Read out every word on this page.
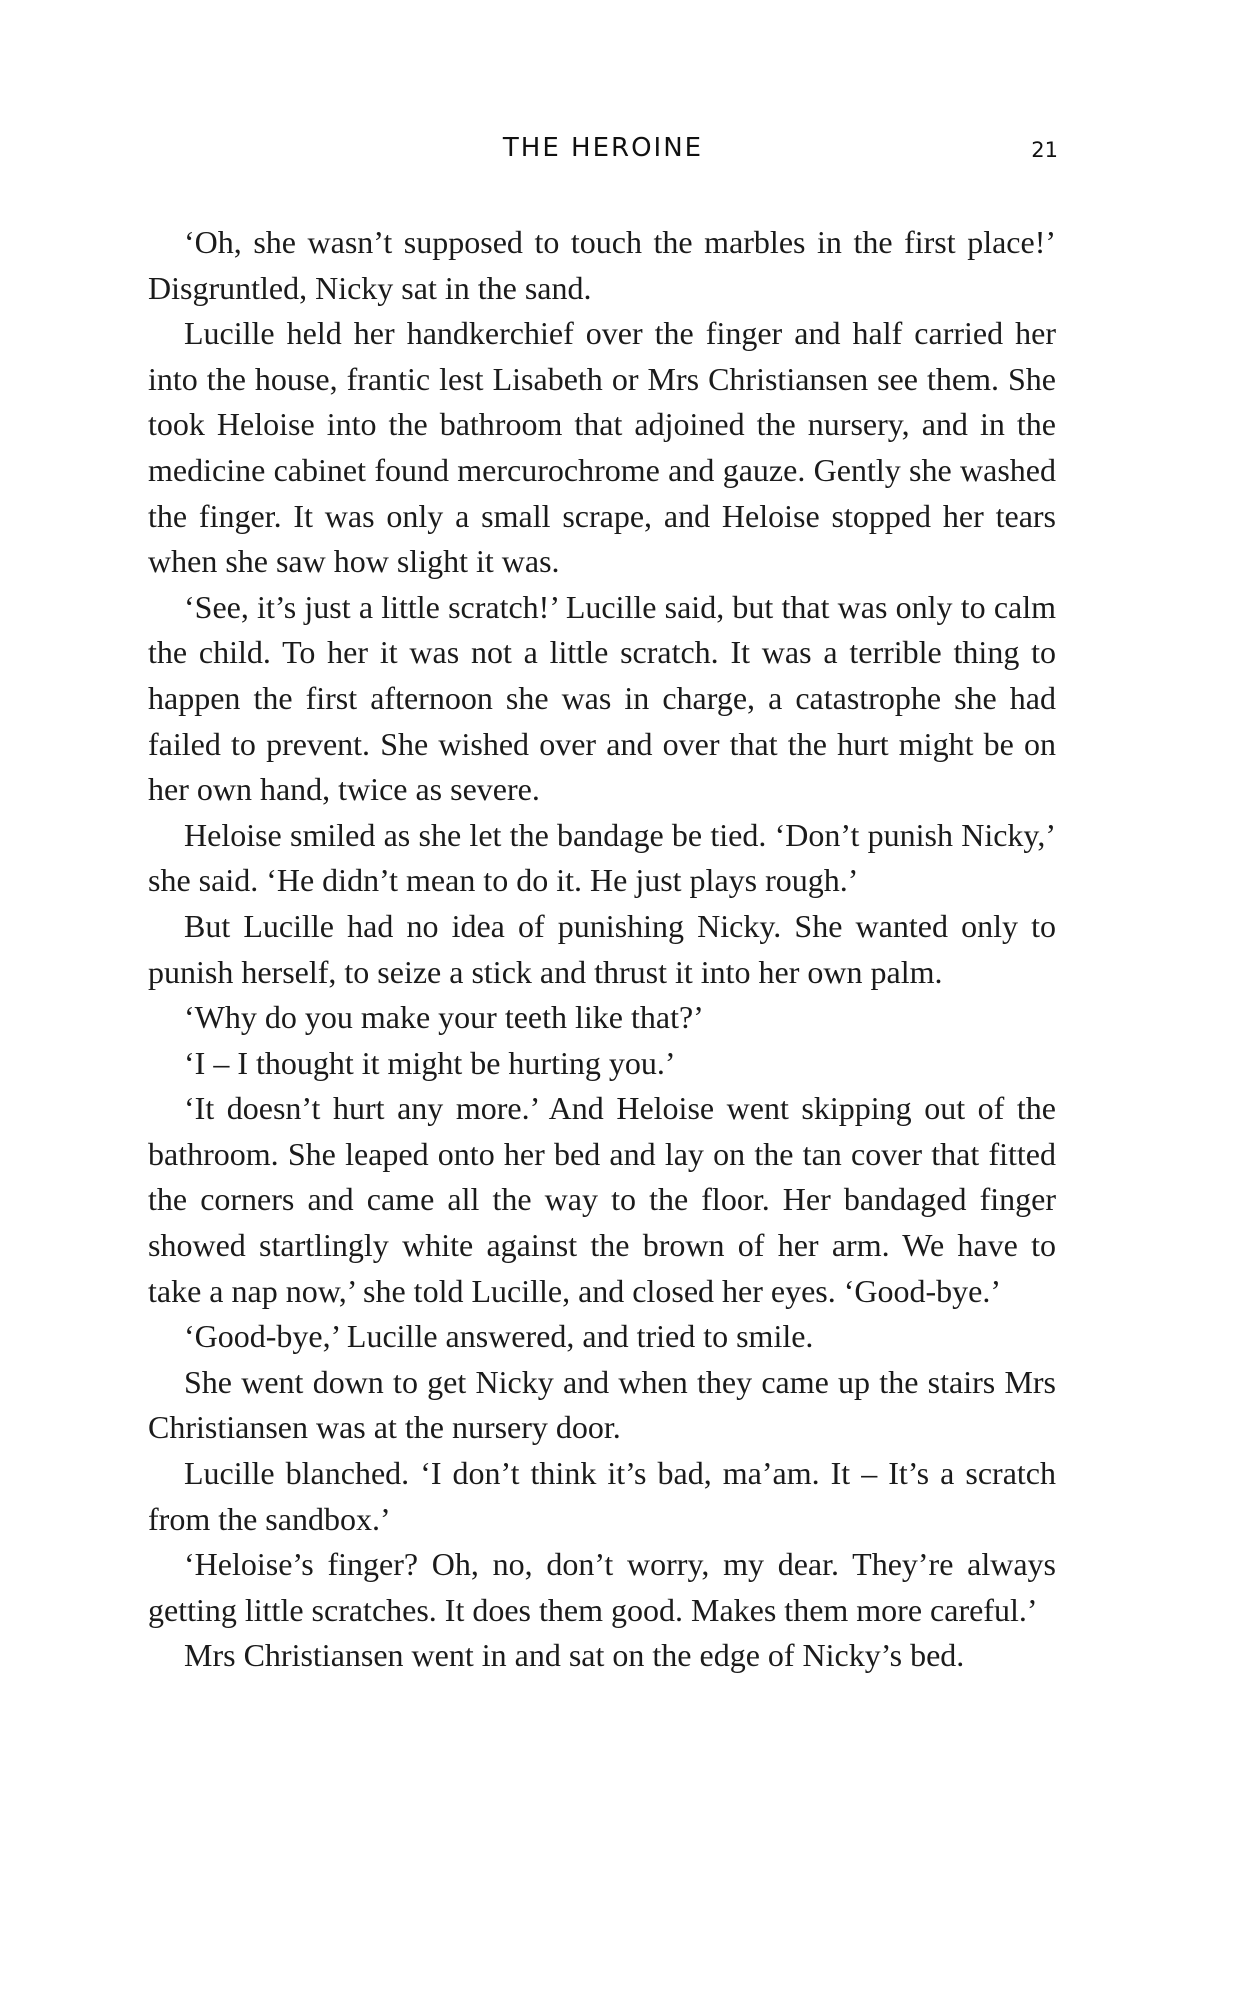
THE HEROINE	21

‘Oh, she wasn’t supposed to touch the marbles in the first place!’ Disgruntled, Nicky sat in the sand.

Lucille held her handkerchief over the finger and half carried her into the house, frantic lest Lisabeth or Mrs Christiansen see them. She took Heloise into the bathroom that adjoined the nursery, and in the medicine cabinet found mercurochrome and gauze. Gently she washed the finger. It was only a small scrape, and Heloise stopped her tears when she saw how slight it was.

‘See, it’s just a little scratch!’ Lucille said, but that was only to calm the child. To her it was not a little scratch. It was a terrible thing to happen the first afternoon she was in charge, a catastrophe she had failed to prevent. She wished over and over that the hurt might be on her own hand, twice as severe.

Heloise smiled as she let the bandage be tied. ‘Don’t punish Nicky,’ she said. ‘He didn’t mean to do it. He just plays rough.’

But Lucille had no idea of punishing Nicky. She wanted only to punish herself, to seize a stick and thrust it into her own palm.

‘Why do you make your teeth like that?’

‘I – I thought it might be hurting you.’

‘It doesn’t hurt any more.’ And Heloise went skipping out of the bathroom. She leaped onto her bed and lay on the tan cover that fitted the corners and came all the way to the floor. Her bandaged finger showed startlingly white against the brown of her arm. We have to take a nap now,’ she told Lucille, and closed her eyes. ‘Good-bye.’

‘Good-bye,’ Lucille answered, and tried to smile.

She went down to get Nicky and when they came up the stairs Mrs Christiansen was at the nursery door.

Lucille blanched. ‘I don’t think it’s bad, ma’am. It – It’s a scratch from the sandbox.’

‘Heloise’s finger? Oh, no, don’t worry, my dear. They’re always getting little scratches. It does them good. Makes them more careful.’

Mrs Christiansen went in and sat on the edge of Nicky’s bed.
